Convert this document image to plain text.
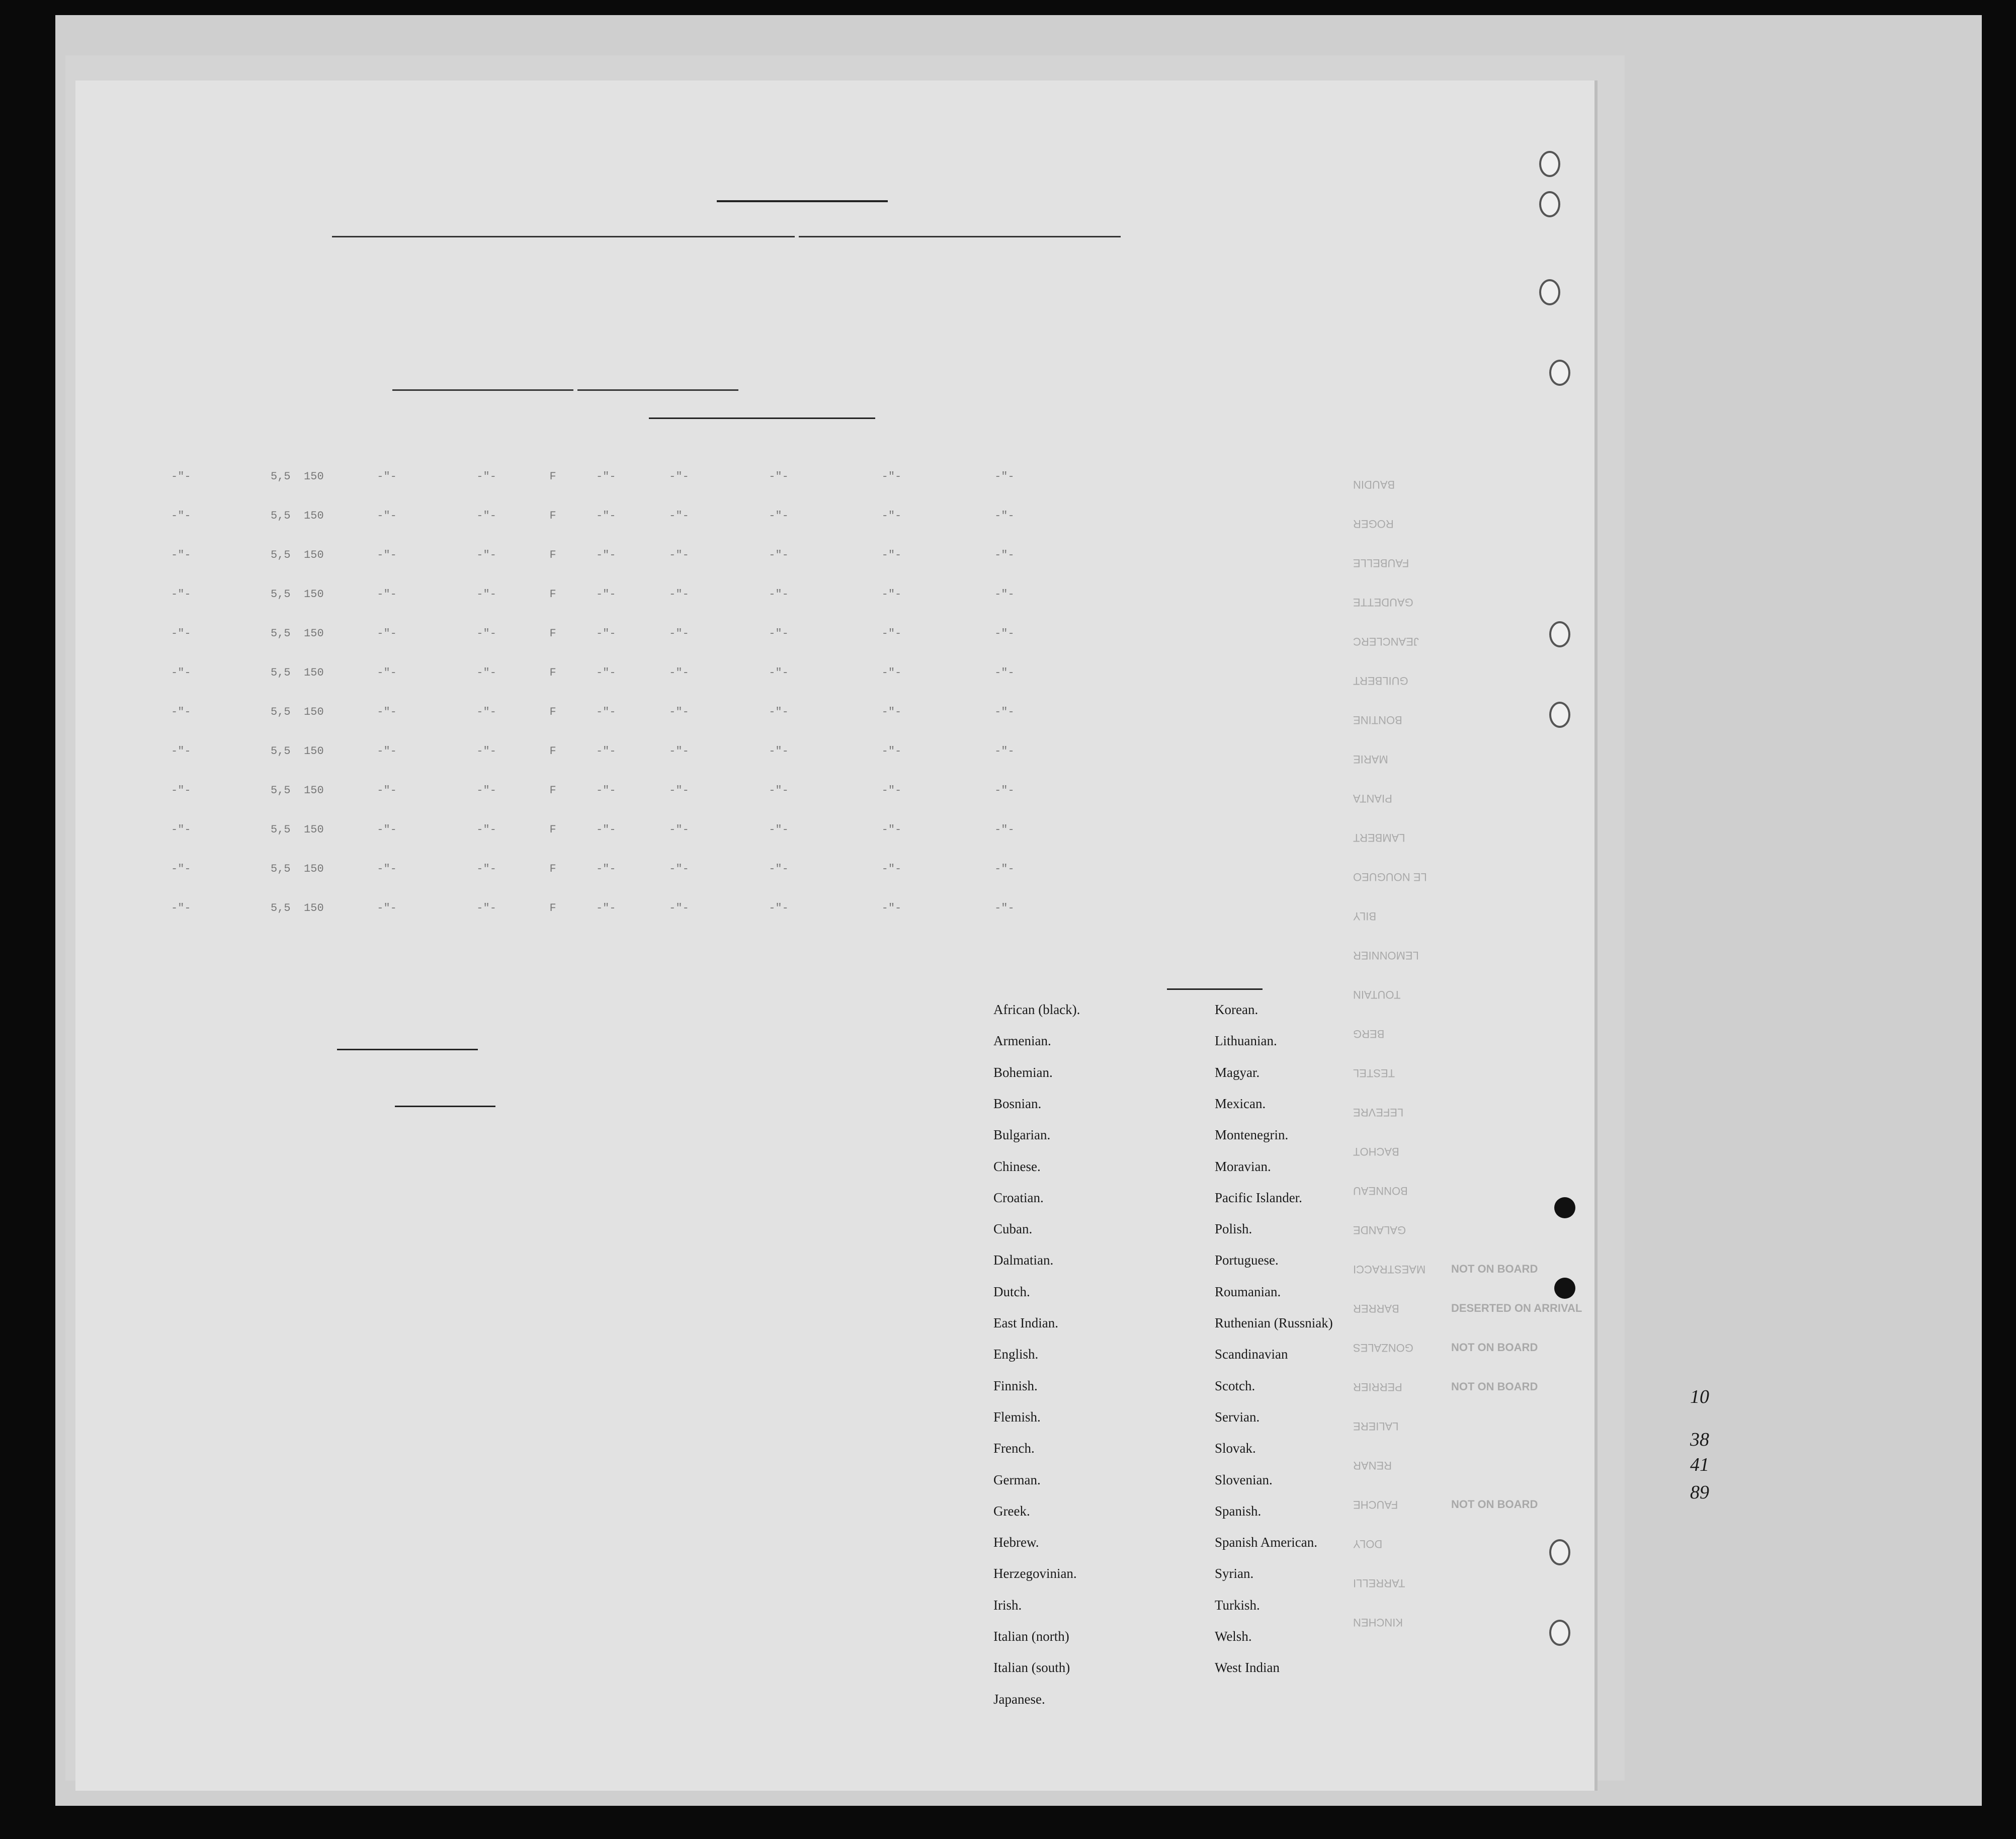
BAUDIN
ROGER
FAUBELLE
GAUDETTE
JEANCLERC
GUILBERT
BONTINE
MARIE
PIANTA
LAMBERT
LE NOUGUEO
BILY
LEMONNIER
TOUTAIN
BERG
TESTEL
LEFEVRE
BACHOT
BONNEAU
GALANDE
MAESTRACCI
BARRER
GONZALES
PERRIER
LALIERE
RENAR
FAUCHE
DOLY
TARRELLI
KINCHEN
NOT ON BOARD
DESERTED ON ARRIVAL
NOT ON BOARD
NOT ON BOARD
NOT ON BOARD
-"-            5,5  150        -"-            -"-        F      -"-        -"-            -"-              -"-              -"-
-"-            5,5  150        -"-            -"-        F      -"-        -"-            -"-              -"-              -"-
-"-            5,5  150        -"-            -"-        F      -"-        -"-            -"-              -"-              -"-
-"-            5,5  150        -"-            -"-        F      -"-        -"-            -"-              -"-              -"-
-"-            5,5  150        -"-            -"-        F      -"-        -"-            -"-              -"-              -"-
-"-            5,5  150        -"-            -"-        F      -"-        -"-            -"-              -"-              -"-
-"-            5,5  150        -"-            -"-        F      -"-        -"-            -"-              -"-              -"-
-"-            5,5  150        -"-            -"-        F      -"-        -"-            -"-              -"-              -"-
-"-            5,5  150        -"-            -"-        F      -"-        -"-            -"-              -"-              -"-
-"-            5,5  150        -"-            -"-        F      -"-        -"-            -"-              -"-              -"-
-"-            5,5  150        -"-            -"-        F      -"-        -"-            -"-              -"-              -"-
-"-            5,5  150        -"-            -"-        F      -"-        -"-            -"-              -"-              -"-

African (black).
Armenian.
Bohemian.
Bosnian.
Bulgarian.
Chinese.
Croatian.
Cuban.
Dalmatian.
Dutch.
East Indian.
English.
Finnish.
Flemish.
French.
German.
Greek.
Hebrew.
Herzegovinian.
Irish.
Italian (north)
Italian (south)
Japanese.
Korean.
Lithuanian.
Magyar.
Mexican.
Montenegrin.
Moravian.
Pacific Islander.
Polish.
Portuguese.
Roumanian.
Ruthenian (Russniak)
Scandinavian
Scotch.
Servian.
Slovak.
Slovenian.
Spanish.
Spanish American.
Syrian.
Turkish.
Welsh.
West Indian
10
38
41
89
